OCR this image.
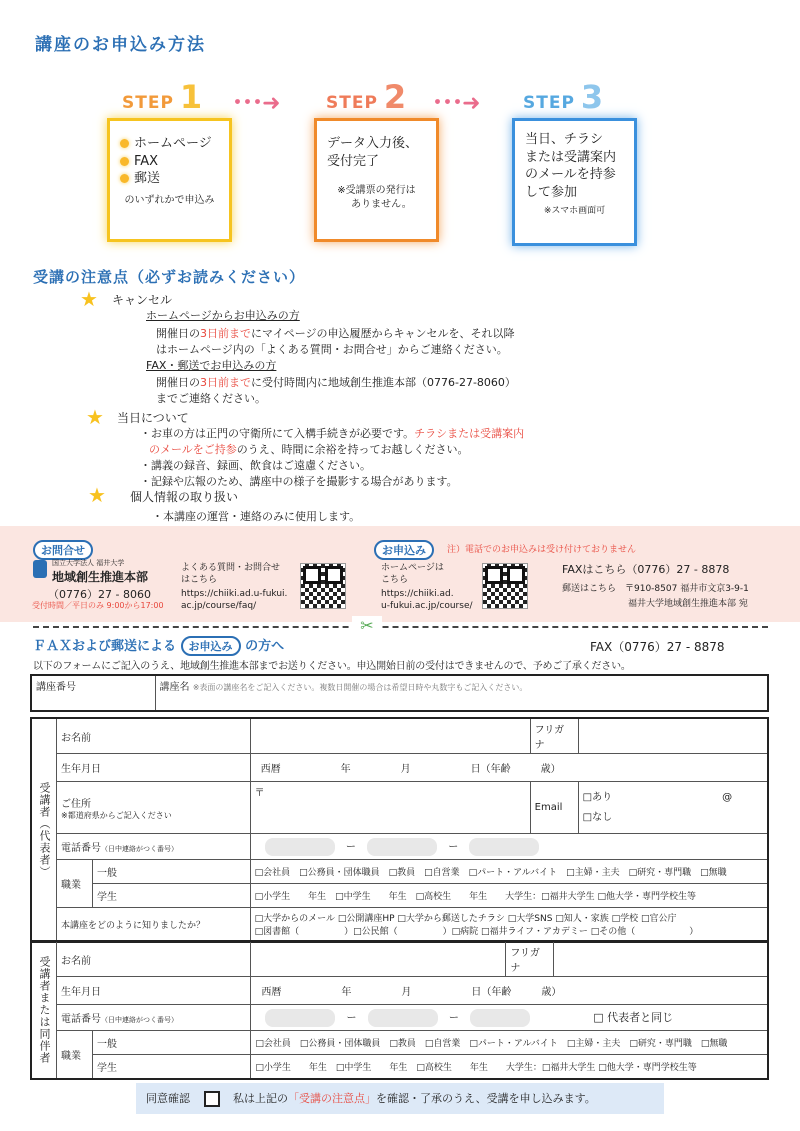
講座のお申込み方法
STEP 1 ･･･➜	STEP 2 ･･･➜	STEP 3
ホームページ
FAX
郵送
のいずれかで申込み
データ入力後、
受付完了
※受講票の発行は
　ありません。
当日、チラシ
または受講案内
のメールを持参
して参加
※スマホ画面可
受講の注意点（必ずお読みください）
★ キャンセル
ホームページからお申込みの方
開催日の3日前までにマイページの申込履歴からキャンセルを、それ以降
はホームページ内の「よくある質問・お問合せ」からご連絡ください。
FAX・郵送でお申込みの方
開催日の3日前までに受付時間内に地域創生推進本部（0776-27-8060）
までご連絡ください。
★ 当日について
・お車の方は正門の守衛所にて入構手続きが必要です。チラシまたは受講案内
のメールをご持参のうえ、時間に余裕を持ってお越しください。
・講義の録音、録画、飲食はご遠慮ください。
・記録や広報のため、講座中の様子を撮影する場合があります。
★ 個人情報の取り扱い
・本講座の運営・連絡のみに使用します。
お問合せ
国立大学法人 福井大学
地域創生推進本部
（0776）27 - 8060
受付時間／平日のみ 9:00から17:00
よくある質問・お問合せ
はこちら
https://chiiki.ad.u-fukui.
ac.jp/course/faq/
お申込み	注）電話でのお申込みは受け付けておりません
ホームページは
こちら
https://chiiki.ad.
u-fukui.ac.jp/course/
FAXはこちら（0776）27 - 8878
郵送はこちら　〒910-8507 福井市文京3-9-1
福井大学地域創生推進本部 宛
✂
ＦＡＸおよび郵送による お申込み の方へ	FAX（0776）27 - 8878
以下のフォームにご記入のうえ、地域創生推進本部までお送りください。申込開始日前の受付はできませんので、予めご了承ください。
講座番号	講座名 ※表面の講座名をご記入ください。複数日開催の場合は希望日時や丸数字もご記入ください。
受講者（代表者）	お名前			フリガナ	
	生年月日		西暦　　　　　　年　　　　　月　　　　　　日（年齢　　　歳）		
	ご住所
※都道府県からご記入ください		〒	Email	□あり @
□なし
	電話番号（日中連絡がつく番号）		ー ー		
	職業	一般	□会社員　□公務員・団体職員　□教員　□自営業　□パート・アルバイト　□主婦・主夫　□研究・専門職　□無職		
		学生	□小学生　　年生　□中学生　　年生　□高校生　　年生　　大学生：□福井大学生 □他大学・専門学校生等		
	本講座をどのように知りましたか？		□大学からのメール □公開講座HP □大学から郵送したチラシ □大学SNS □知人・家族 □学校 □官公庁
□図書館（　　　　　）□公民館（　　　　　）□病院 □福井ライフ・アカデミー □その他（　　　　　　）		
受講者または同伴者	お名前			フリガナ	
	生年月日		西暦　　　　　　年　　　　　月　　　　　　日（年齢　　　歳）		
	電話番号（日中連絡がつく番号）		ー ー □ 代表者と同じ		
	職業	一般	□会社員　□公務員・団体職員　□教員　□自営業　□パート・アルバイト　□主婦・主夫　□研究・専門職　□無職		
		学生	□小学生　　年生　□中学生　　年生　□高校生　　年生　　大学生：□福井大学生 □他大学・専門学校生等		
同意確認	私は上記の「受講の注意点」を確認・了承のうえ、受講を申し込みます。
